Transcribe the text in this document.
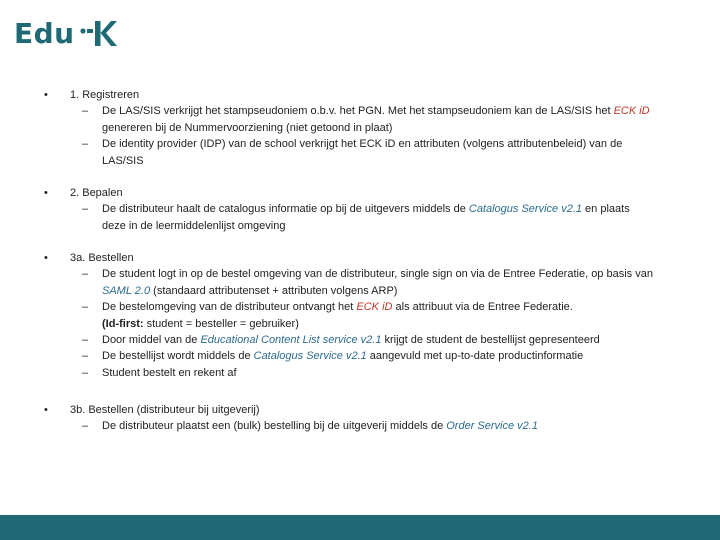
Edu
• 1. Registreren
– De LAS/SIS verkrijgt het stampseudoniem o.b.v. het PGN. Met het stampseudoniem kan de LAS/SIS het ECK iD genereren bij de Nummervoorziening (niet getoond in plaat)
– De identity provider (IDP) van de school verkrijgt het ECK iD en attributen (volgens attributenbeleid) van de LAS/SIS
• 2. Bepalen
– De distributeur haalt de catalogus informatie op bij de uitgevers middels de Catalogus Service v2.1 en plaats deze in de leermiddelenlijst omgeving
• 3a. Bestellen
– De student logt in op de bestel omgeving van de distributeur, single sign on via de Entree Federatie, op basis van SAML 2.0 (standaard attributenset + attributen volgens ARP)
– De bestelomgeving van de distributeur ontvangt het ECK iD als attribuut via de Entree Federatie.
(Id-first: student = besteller = gebruiker)
– Door middel van de Educational Content List service v2.1 krijgt de student de bestellijst gepresenteerd
– De bestellijst wordt middels de Catalogus Service v2.1 aangevuld met up-to-date productinformatie
– Student bestelt en rekent af
• 3b. Bestellen (distributeur bij uitgeverij)
– De distributeur plaatst een (bulk) bestelling bij de uitgeverij middels de Order Service v2.1
